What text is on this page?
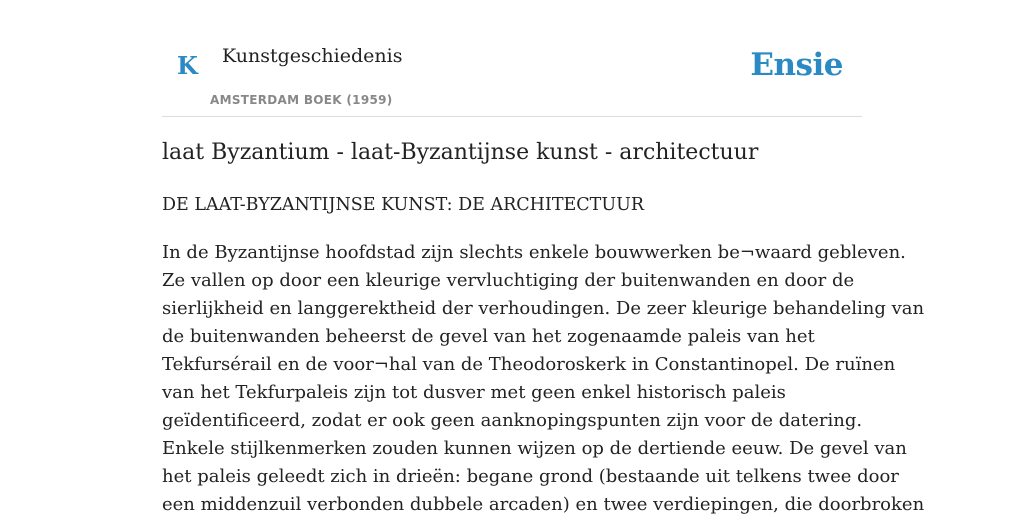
K Kunstgeschiedenis
AMSTERDAM BOEK (1959)
Ensie
laat Byzantium - laat-Byzantijnse kunst - architectuur
DE LAAT-BYZANTIJNSE KUNST: DE ARCHITECTUUR

In de Byzantijnse hoofdstad zijn slechts enkele bouwwerken be¬waard gebleven.
Ze vallen op door een kleurige vervluchtiging der buitenwanden en door de
sierlijkheid en langgerektheid der verhoudingen. De zeer kleurige behandeling van
de buitenwanden beheerst de gevel van het zogenaamde paleis van het
Tekfursérail en de voor¬hal van de Theodoroskerk in Constantinopel. De ruïnen
van het Tekfurpaleis zijn tot dusver met geen enkel historisch paleis
geïdentificeerd, zodat er ook geen aanknopingspunten zijn voor de datering.
Enkele stijlkenmerken zouden kunnen wijzen op de dertiende eeuw. De gevel van
het paleis geleedt zich in drieën: begane grond (bestaande uit telkens twee door
een middenzuil verbonden dubbele arcaden) en twee verdiepingen, die doorbroken
